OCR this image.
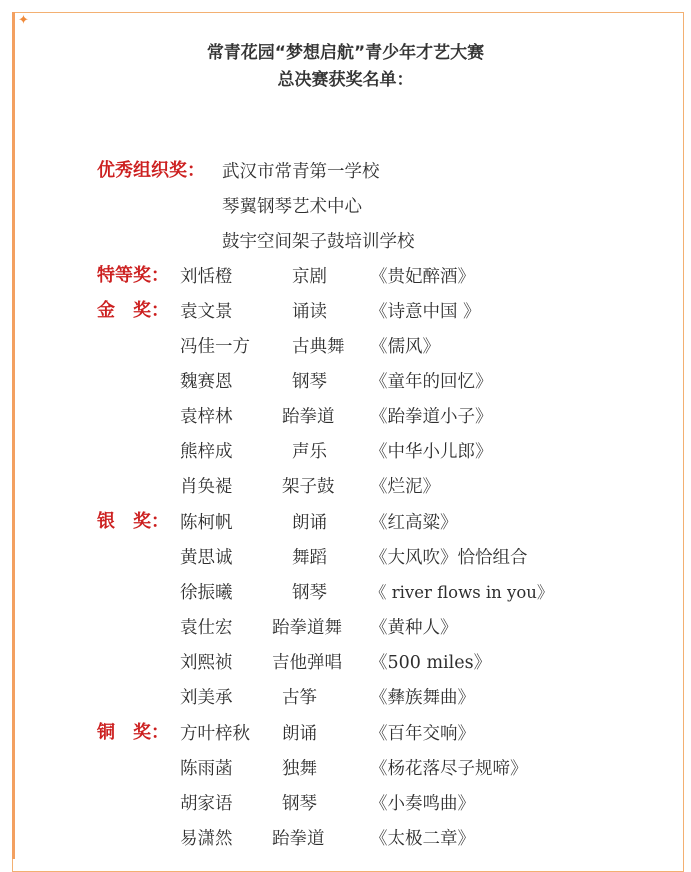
✦
常青花园“梦想启航”青少年才艺大赛
总决赛获奖名单：
优秀组织奖： 武汉市常青第一学校
琴翼钢琴艺术中心
鼓宇空间架子鼓培训学校
特等奖： 刘恬橙	京剧 《贵妃醉酒》
金　奖： 袁文景	诵读 《诗意中国 》
冯佳一方 古典舞 《儒风》
魏赛恩	钢琴 《童年的回忆》
袁梓林	跆拳道 《跆拳道小子》
熊梓成	声乐 《中华小儿郎》
肖奂褆	架子鼓 《烂泥》
银　奖： 陈柯帆	朗诵 《红高粱》
黄思诚	舞蹈 《大风吹》恰恰组合
徐振曦	钢琴	《 river flows in you》
袁仕宏 跆拳道舞 《黄种人》
刘熙祯 吉他弹唱 《500 miles》
刘美承	古筝	《彝族舞曲》
铜　奖： 方叶梓秋 朗诵	《百年交响》
陈雨菡	独舞	《杨花落尽子规啼》
胡家语	钢琴	《小奏鸣曲》
易潇然 跆拳道	《太极二章》
